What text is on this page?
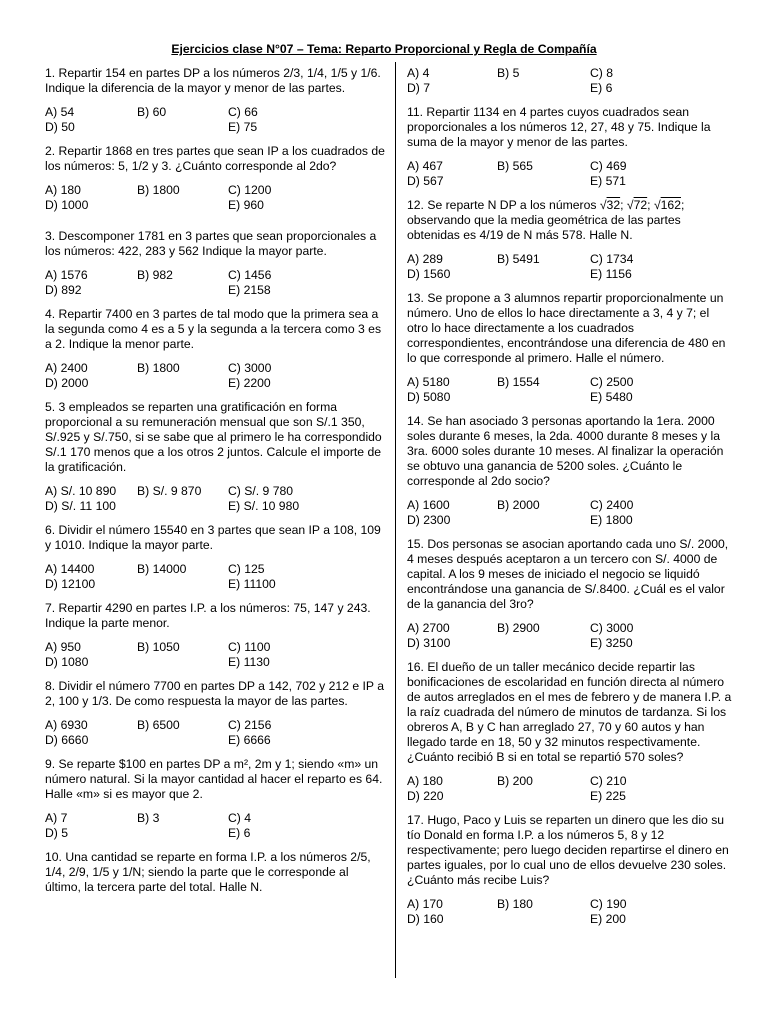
Ejercicios clase N°07 – Tema: Reparto Proporcional y Regla de Compañía

1. Repartir 154 en partes DP a los números 2/3, 1/4, 1/5 y 1/6. Indique la diferencia de la mayor y menor de las partes.

A) 54	B) 60	C) 66
D) 50	E) 75

2. Repartir 1868 en tres partes que sean IP a los cuadrados de los números: 5, 1/2 y 3. ¿Cuánto corresponde al 2do?

A) 180	B) 1800	C) 1200
D) 1000	E) 960

3. Descomponer 1781 en 3 partes que sean proporcionales a los números: 422, 283 y 562 Indique la mayor parte.

A) 1576	B) 982	C) 1456
D) 892	E) 2158

4. Repartir 7400 en 3 partes de tal modo que la primera sea a la segunda como 4 es a 5 y la segunda a la tercera como 3 es a 2. Indique la menor parte.

A) 2400	B) 1800	C) 3000
D) 2000	E) 2200

5. 3 empleados se reparten una gratificación en forma proporcional a su remuneración mensual que son S/.1 350, S/.925 y S/.750, si se sabe que al primero le ha correspondido S/.1 170 menos que a los otros 2 juntos. Calcule el importe de la gratificación.

A) S/. 10 890 B) S/. 9 870 C) S/. 9 780
D) S/. 11 100	E) S/. 10 980

6. Dividir el número 15540 en 3 partes que sean IP a 108, 109 y 1010. Indique la mayor parte.

A) 14400	B) 14000	C) 125
D) 12100	E) 11100

7. Repartir 4290 en partes I.P. a los números: 75, 147 y 243. Indique la parte menor.

A) 950	B) 1050	C) 1100
D) 1080	E) 1130

8. Dividir el número 7700 en partes DP a 142, 702 y 212 e IP a 2, 100 y 1/3. De como respuesta la mayor de las partes.

A) 6930	B) 6500	C) 2156
D) 6660	E) 6666

9. Se reparte $100 en partes DP a m², 2m y 1; siendo «m» un número natural. Si la mayor cantidad al hacer el reparto es 64. Halle «m» si es mayor que 2.

A) 7	B) 3	C) 4
D) 5	E) 6

10. Una cantidad se reparte en forma I.P. a los números 2/5, 1/4, 2/9, 1/5 y 1/N; siendo la parte que le corresponde al último, la tercera parte del total. Halle N.

A) 4	B) 5	C) 8
D) 7	E) 6

11. Repartir 1134 en 4 partes cuyos cuadrados sean proporcionales a los números 12, 27, 48 y 75. Indique la suma de la mayor y menor de las partes.

A) 467	B) 565	C) 469
D) 567	E) 571

12. Se reparte N DP a los números √32; √72; √162; observando que la media geométrica de las partes obtenidas es 4/19 de N más 578. Halle N.

A) 289	B) 5491	C) 1734
D) 1560	E) 1156

13. Se propone a 3 alumnos repartir proporcionalmente un número. Uno de ellos lo hace directamente a 3, 4 y 7; el otro lo hace directamente a los cuadrados correspondientes, encontrándose una diferencia de 480 en lo que corresponde al primero. Halle el número.

A) 5180	B) 1554	C) 2500
D) 5080	E) 5480

14. Se han asociado 3 personas aportando la 1era. 2000 soles durante 6 meses, la 2da. 4000 durante 8 meses y la 3ra. 6000 soles durante 10 meses. Al finalizar la operación se obtuvo una ganancia de 5200 soles. ¿Cuánto le corresponde al 2do socio?

A) 1600	B) 2000	C) 2400
D) 2300	E) 1800

15. Dos personas se asocian aportando cada uno S/. 2000, 4 meses después aceptaron a un tercero con S/. 4000 de capital. A los 9 meses de iniciado el negocio se liquidó encontrándose una ganancia de S/.8400. ¿Cuál es el valor de la ganancia del 3ro?

A) 2700	B) 2900	C) 3000
D) 3100	E) 3250

16. El dueño de un taller mecánico decide repartir las bonificaciones de escolaridad en función directa al número de autos arreglados en el mes de febrero y de manera I.P. a la raíz cuadrada del número de minutos de tardanza. Si los obreros A, B y C han arreglado 27, 70 y 60 autos y han llegado tarde en 18, 50 y 32 minutos respectivamente. ¿Cuánto recibió B si en total se repartió 570 soles?

A) 180	B) 200	C) 210
D) 220	E) 225

17. Hugo, Paco y Luis se reparten un dinero que les dio su tío Donald en forma I.P. a los números 5, 8 y 12 respectivamente; pero luego deciden repartirse el dinero en partes iguales, por lo cual uno de ellos devuelve 230 soles. ¿Cuánto más recibe Luis?

A) 170	B) 180	C) 190
D) 160	E) 200
